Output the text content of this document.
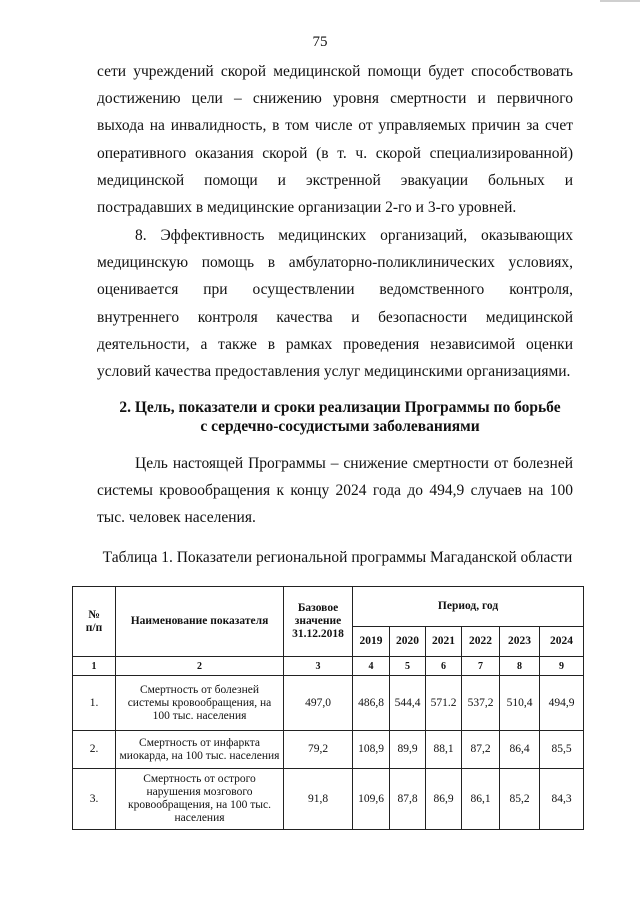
75

сети учреждений скорой медицинской помощи будет способствовать достижению цели – снижению уровня смертности и первичного выхода на инвалидность, в том числе от управляемых причин за счет оперативного оказания скорой (в т. ч. скорой специализированной) медицинской помощи и экстренной эвакуации больных и пострадавших в медицинские организации 2-го и 3-го уровней.

8. Эффективность медицинских организаций, оказывающих медицинскую помощь в амбулаторно-поликлинических условиях, оценивается при осуществлении ведомственного контроля, внутреннего контроля качества и безопасности медицинской деятельности, а также в рамках проведения независимой оценки условий качества предоставления услуг медицинскими организациями.

2. Цель, показатели и сроки реализации Программы по борьбе
с сердечно-сосудистыми заболеваниями

Цель настоящей Программы – снижение смертности от болезней системы кровообращения к концу 2024 года до 494,9 случаев на 100 тыс. человек населения.

Таблица 1. Показатели региональной программы Магаданской области
№
п/п	Наименование показателя	Базовое значение 31.12.2018	Период, год					
			2019	2020	2021	2022	2023	2024
1	2	3	4	5	6	7	8	9
1.	Смертность от болезней системы кровообращения, на 100 тыс. населения	497,0	486,8	544,4	571.2	537,2	510,4	494,9
2.	Смертность от инфаркта миокарда, на 100 тыс. населения	79,2	108,9	89,9	88,1	87,2	86,4	85,5
3.	Смертность от острого нарушения мозгового кровообращения, на 100 тыс. населения	91,8	109,6	87,8	86,9	86,1	85,2	84,3
